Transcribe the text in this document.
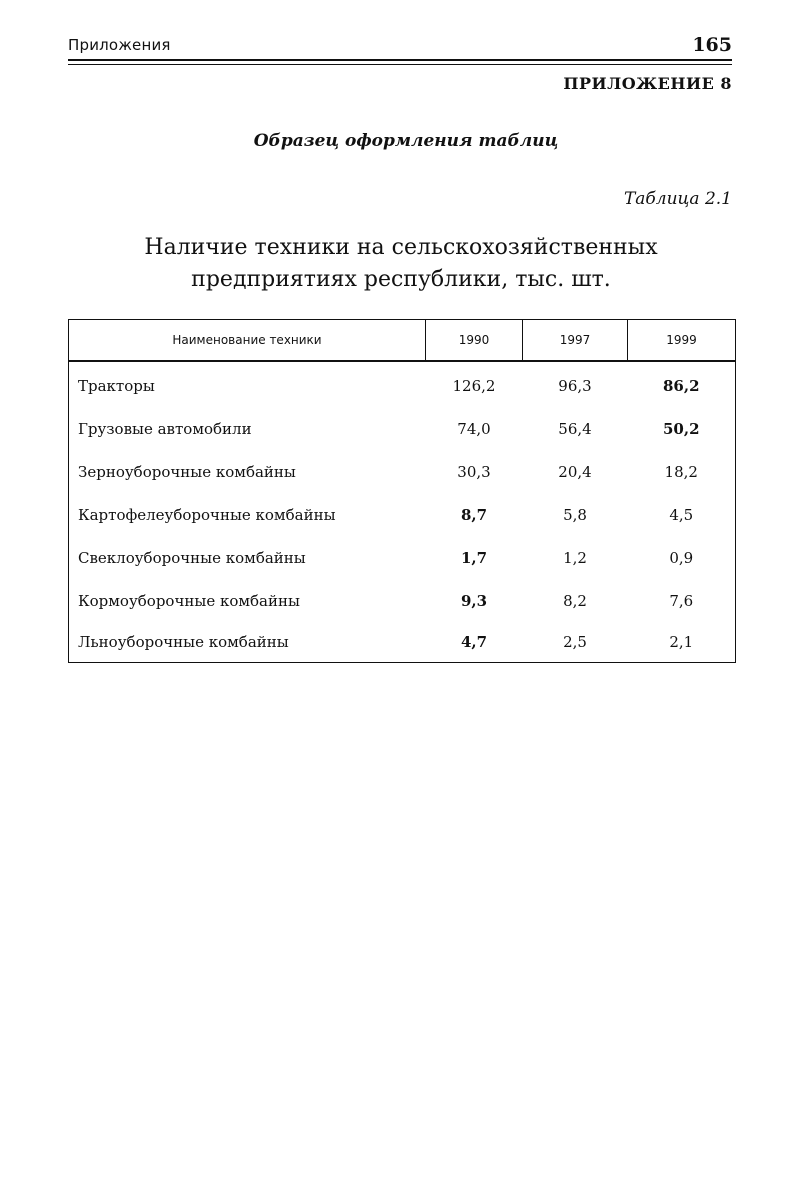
Приложения	165
ПРИЛОЖЕНИЕ 8
Образец оформления таблиц
Таблица 2.1
Наличие техники на сельскохозяйственных
предприятиях республики, тыс. шт.
Наименование техники	1990	1997	1999
Тракторы	126,2	96,3	86,2
Грузовые автомобили	74,0	56,4	50,2
Зерноуборочные комбайны	30,3	20,4	18,2
Картофелеуборочные комбайны	8,7	5,8	4,5
Свеклоуборочные комбайны	1,7	1,2	0,9
Кормоуборочные комбайны	9,3	8,2	7,6
Льноуборочные комбайны	4,7	2,5	2,1
